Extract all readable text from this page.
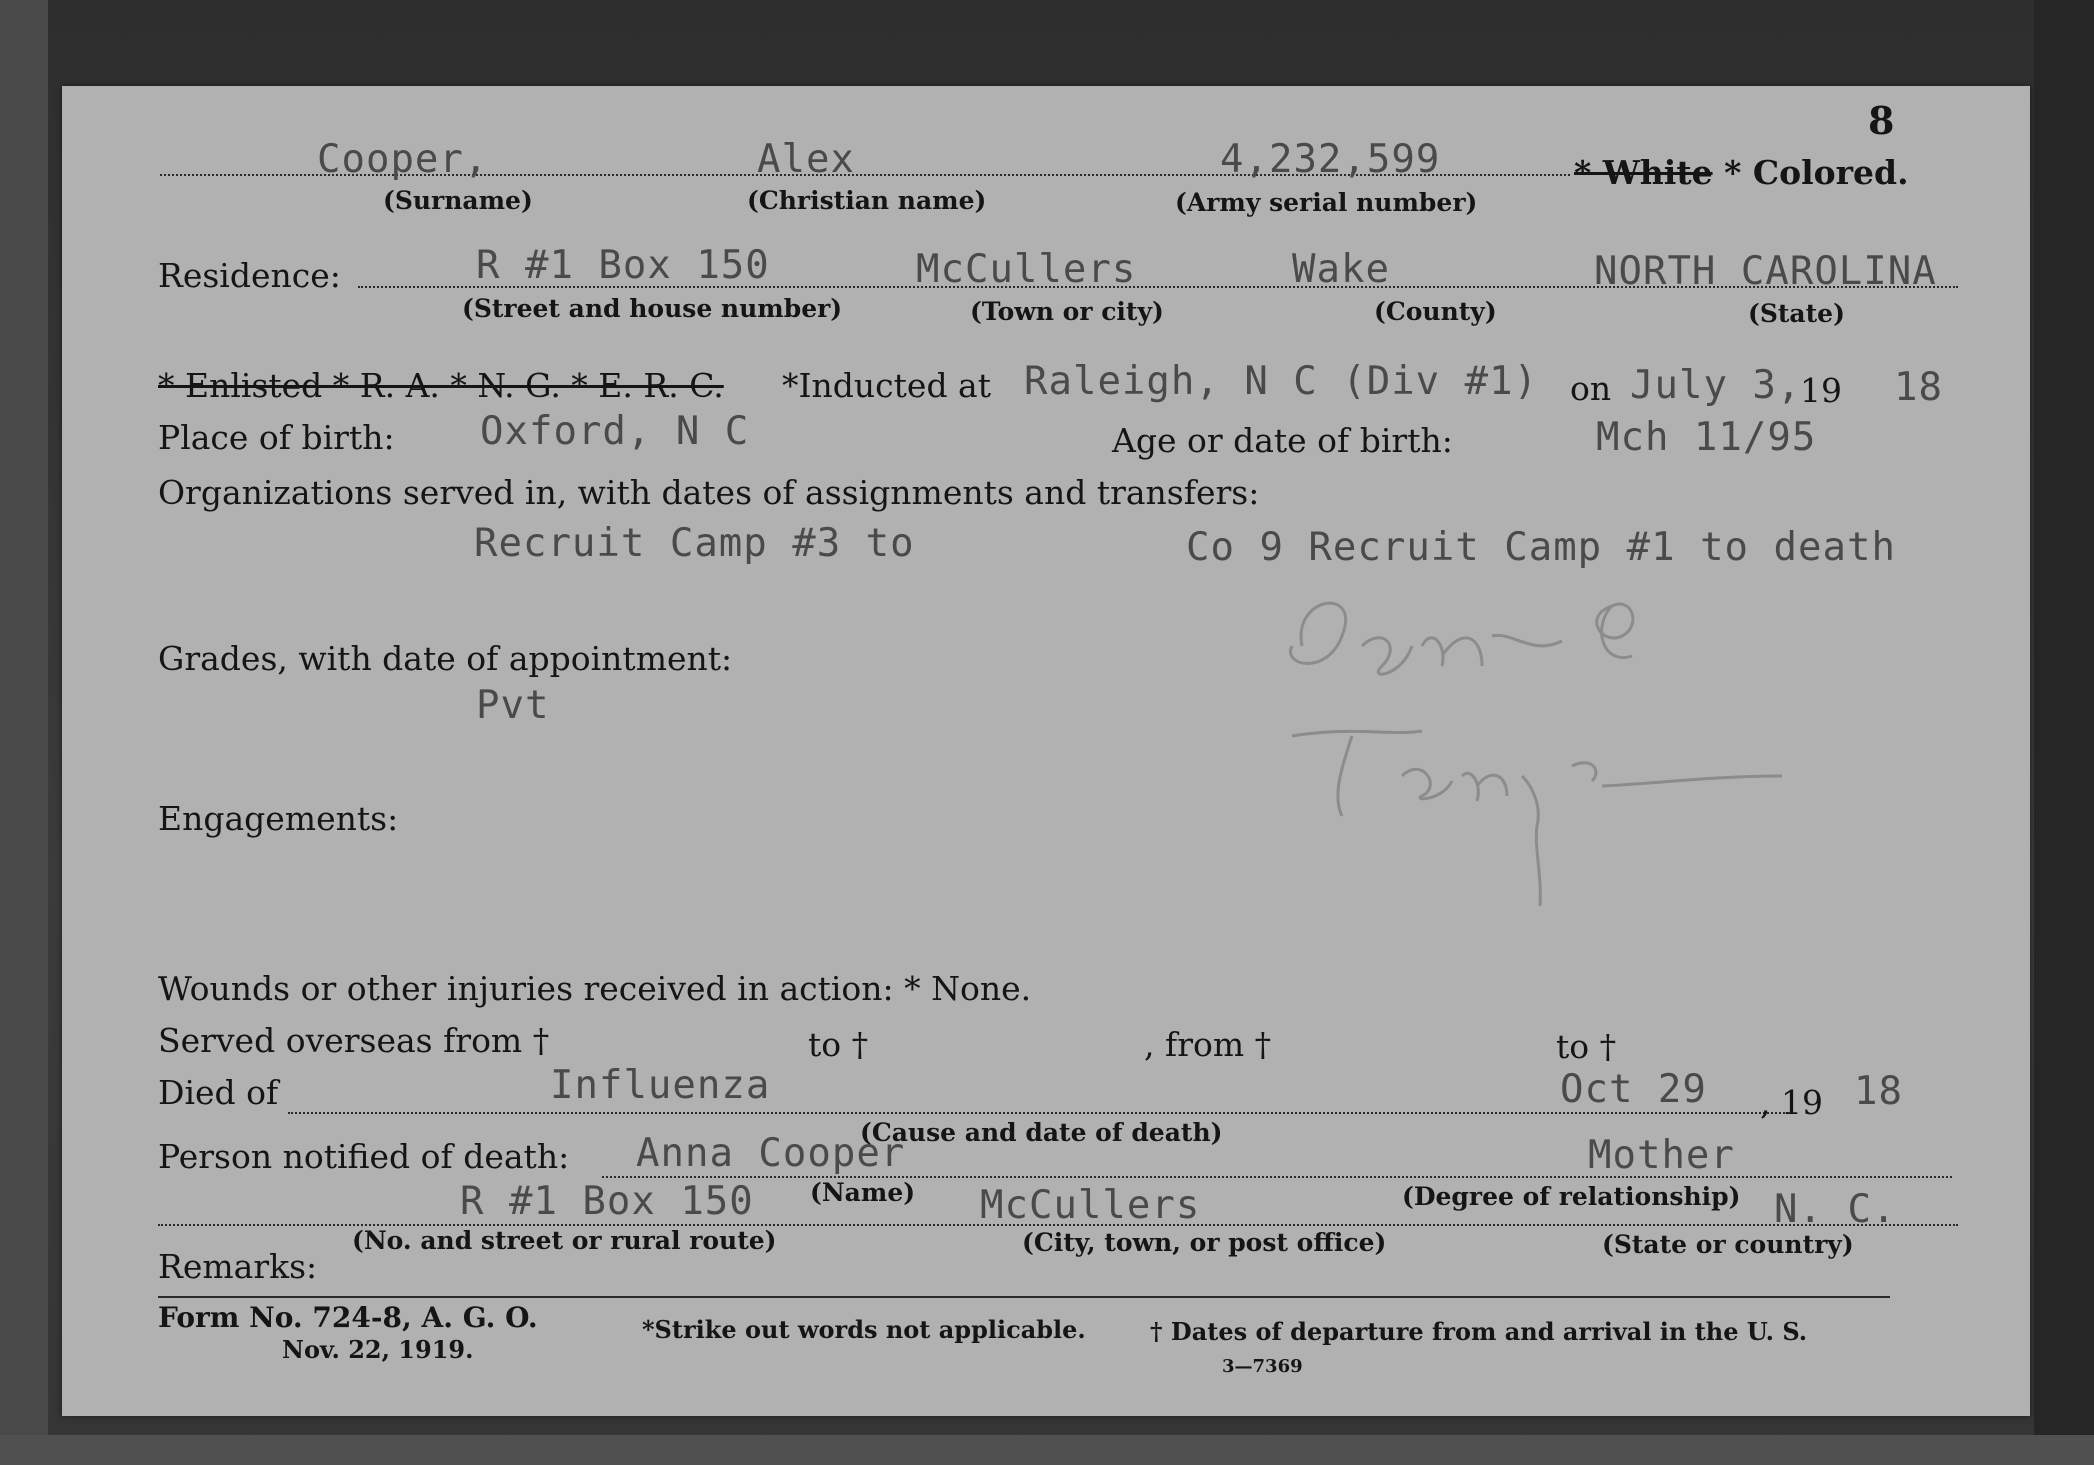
8
Cooper,	Alex	4,232,599	* White * Colored.
(Surname)	(Christian name)	(Army serial number)
Residence:	R #1 Box 150	McCullers	Wake	NORTH CAROLINA
(Street and house number)	(Town or city)	(County)	(State)
* Enlisted * R. A. * N. G. * E. R. C. *Inducted at Raleigh, N C (Div #1) on July 3,
19 18
Place of birth: Oxford, N C	Age or date of birth:	Mch 11/95
Organizations served in, with dates of assignments and transfers:
Recruit Camp #3 to	Co 9 Recruit Camp #1 to death
Grades, with date of appointment:
Pvt
Engagements:
Wounds or other injuries received in action: * None.
Served overseas from †	to †	, from †	to †
Died of	Influenza	Oct 29 , 19 18
(Cause and date of death)
Person notified of death: Anna Cooper	Mother
(Name)	(Degree of relationship)
R #1 Box 150	McCullers	N. C.
(No. and street or rural route)	(City, town, or post office)	(State or country)
Remarks:
Form No. 724-8, A. G. O.
Nov. 22, 1919.
*Strike out words not applicable.	† Dates of departure from and arrival in the U. S.
3—7369
